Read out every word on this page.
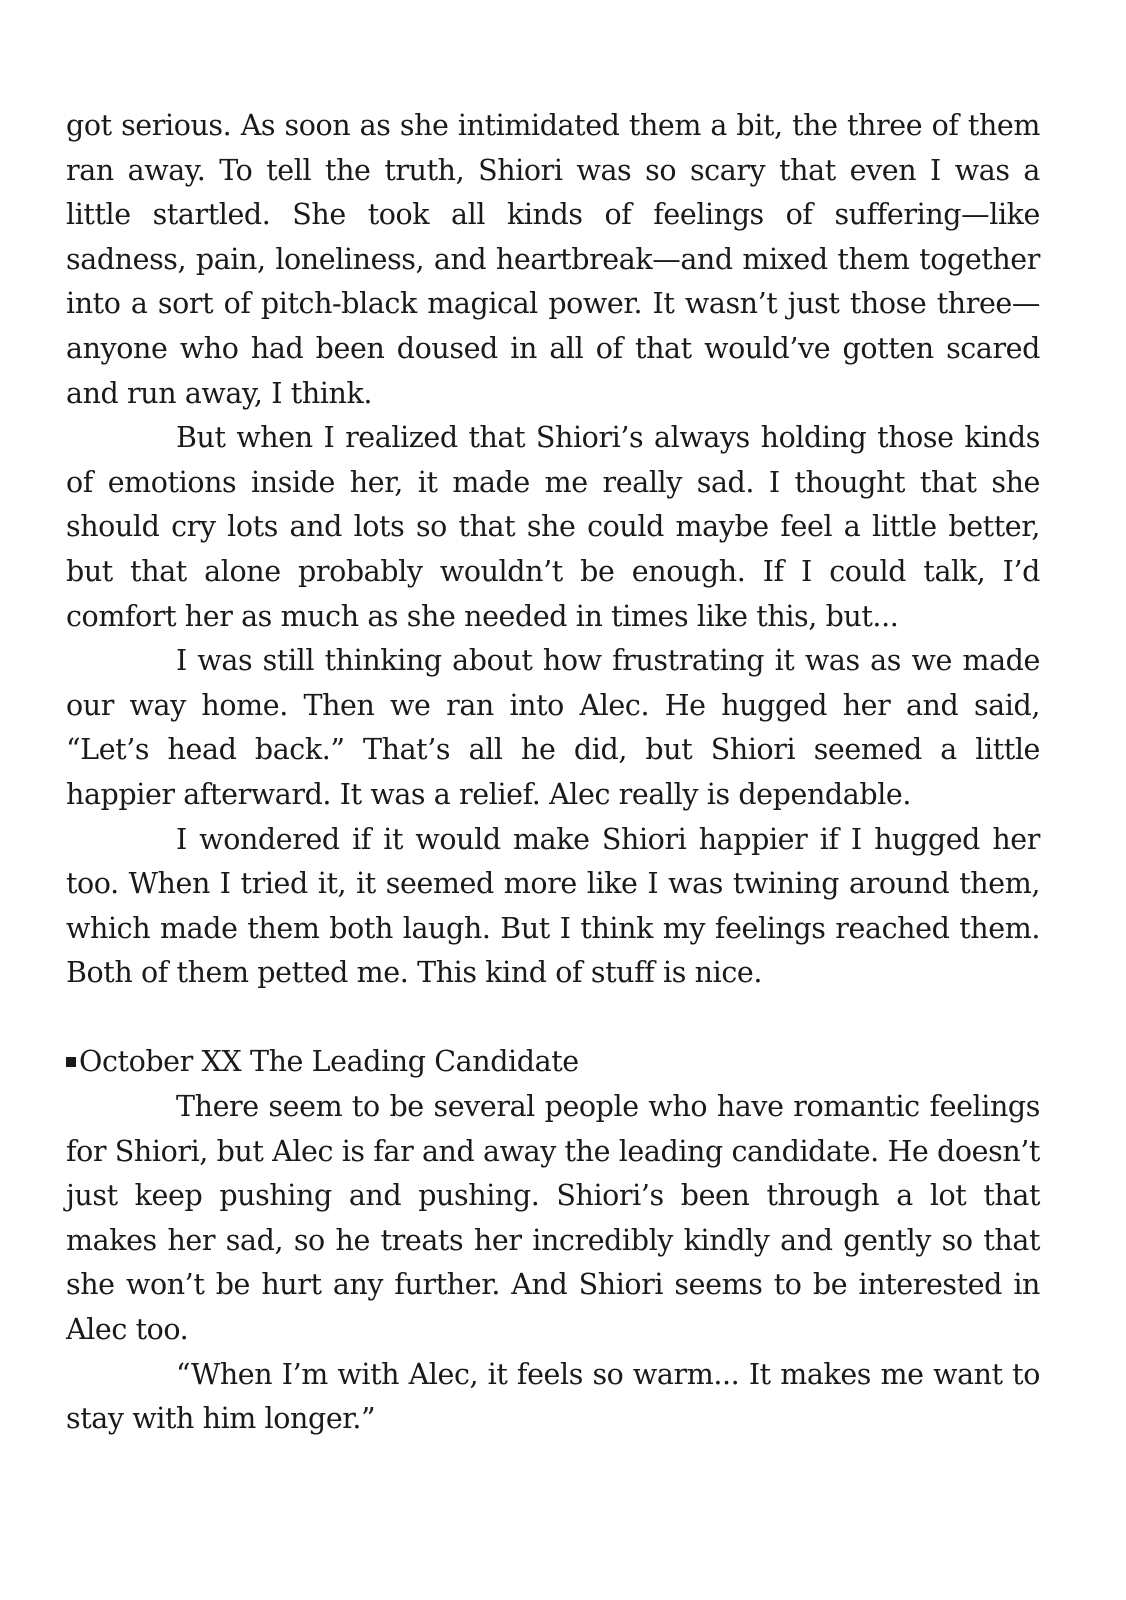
got serious. As soon as she intimidated them a bit, the three of them ran away. To tell the truth, Shiori was so scary that even I was a little startled. She took all kinds of feelings of suffering—like sadness, pain, loneliness, and heartbreak—and mixed them together into a sort of pitch-black magical power. It wasn’t just those three—anyone who had been doused in all of that would’ve gotten scared and run away, I think.

But when I realized that Shiori’s always holding those kinds of emotions inside her, it made me really sad. I thought that she should cry lots and lots so that she could maybe feel a little better, but that alone probably wouldn’t be enough. If I could talk, I’d comfort her as much as she needed in times like this, but...

I was still thinking about how frustrating it was as we made our way home. Then we ran into Alec. He hugged her and said, “Let’s head back.” That’s all he did, but Shiori seemed a little happier afterward. It was a relief. Alec really is dependable.

I wondered if it would make Shiori happier if I hugged her too. When I tried it, it seemed more like I was twining around them, which made them both laugh. But I think my feelings reached them. Both of them petted me. This kind of stuff is nice.

October XX The Leading Candidate

There seem to be several people who have romantic feelings for Shiori, but Alec is far and away the leading candidate. He doesn’t just keep pushing and pushing. Shiori’s been through a lot that makes her sad, so he treats her incredibly kindly and gently so that she won’t be hurt any further. And Shiori seems to be interested in Alec too.

“When I’m with Alec, it feels so warm... It makes me want to stay with him longer.”
